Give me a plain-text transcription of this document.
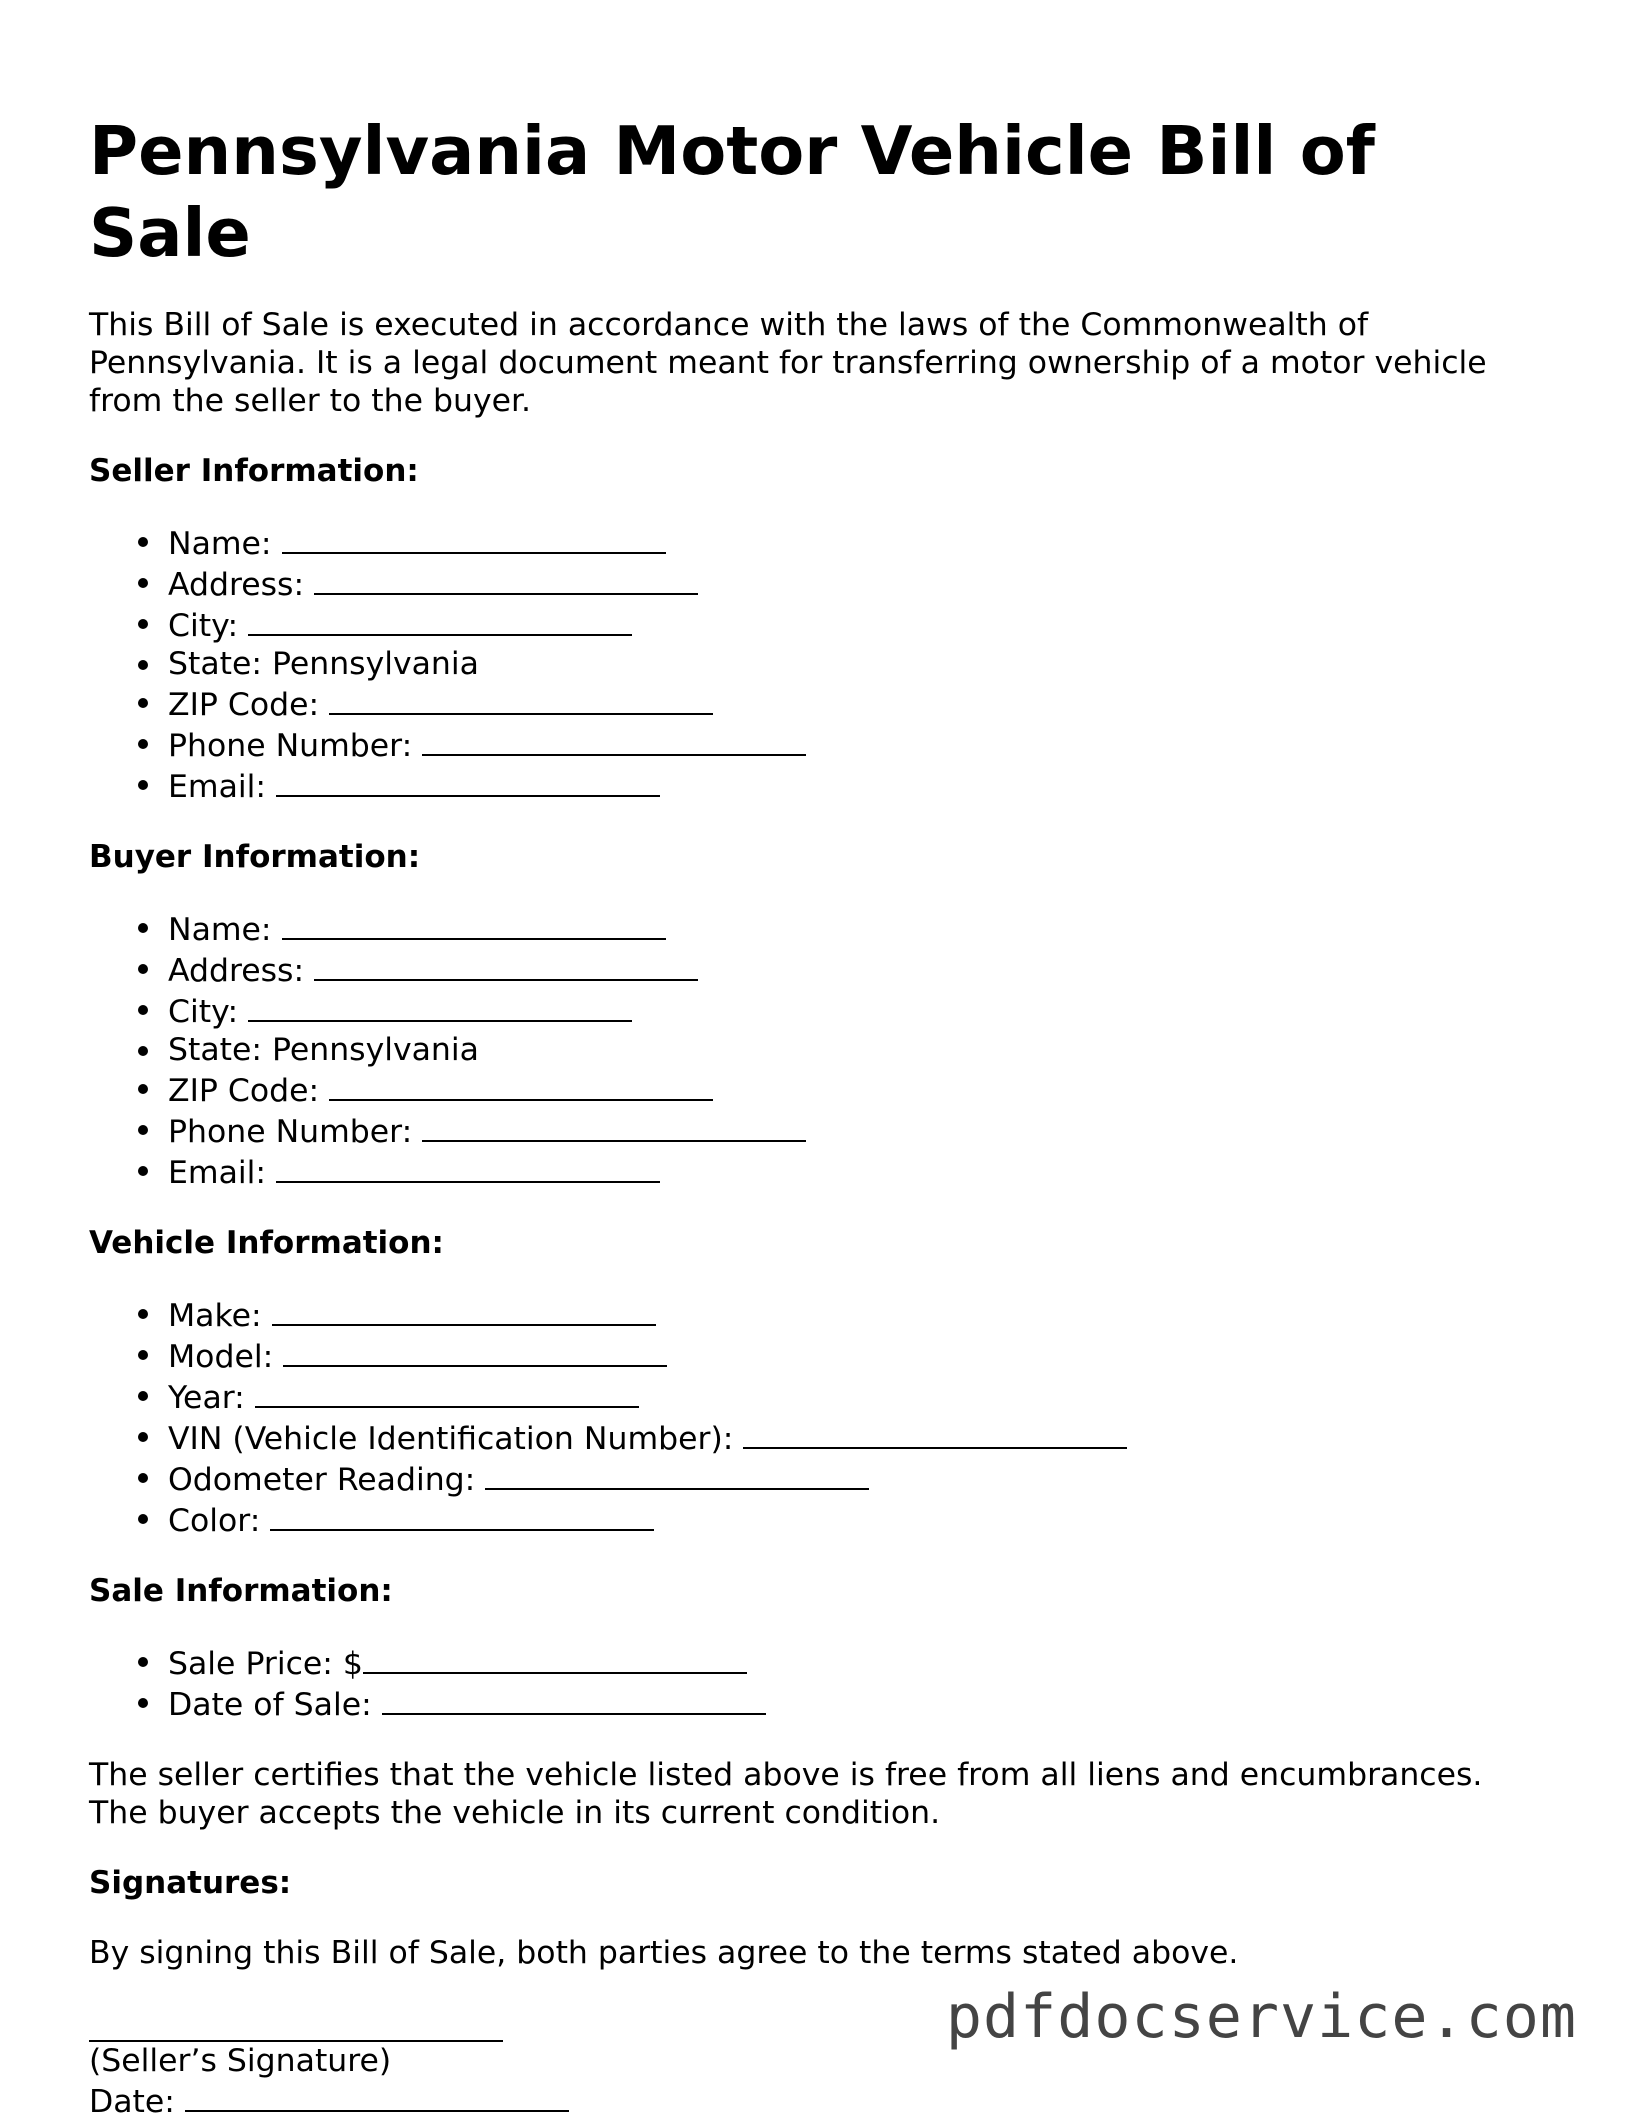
Pennsylvania Motor Vehicle Bill of Sale

This Bill of Sale is executed in accordance with the laws of the Commonwealth of Pennsylvania. It is a legal document meant for transferring ownership of a motor vehicle from the seller to the buyer.

Seller Information:
Name:
Address:
City:
State: Pennsylvania
ZIP Code:
Phone Number:
Email:
Buyer Information:
Name:
Address:
City:
State: Pennsylvania
ZIP Code:
Phone Number:
Email:
Vehicle Information:
Make:
Model:
Year:
VIN (Vehicle Identification Number):
Odometer Reading:
Color:
Sale Information:
Sale Price: $
Date of Sale:

The seller certifies that the vehicle listed above is free from all liens and encumbrances. The buyer accepts the vehicle in its current condition.

Signatures:

By signing this Bill of Sale, both parties agree to the terms stated above.

(Seller’s Signature)

Date:

pdfdocservice.com
